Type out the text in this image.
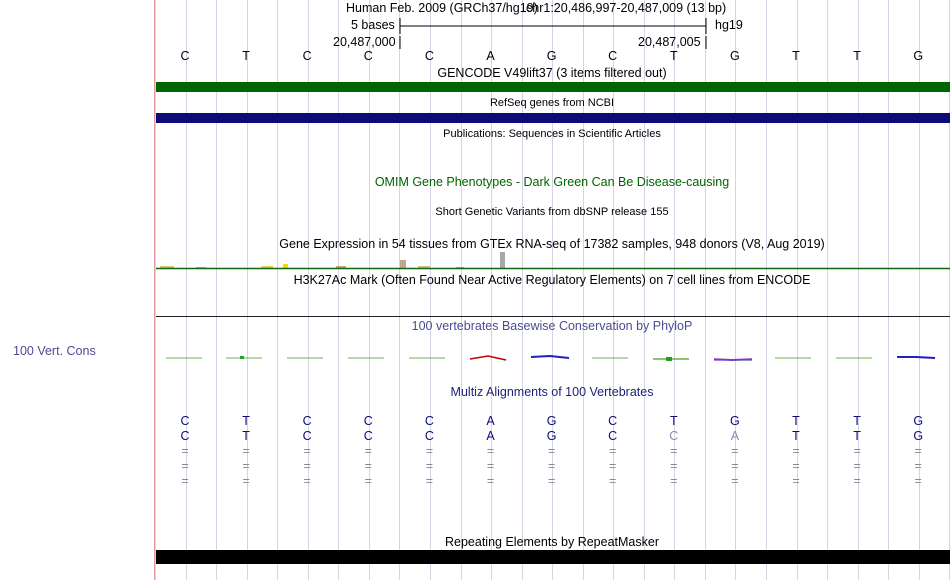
100 Vert. Cons
Human Feb. 2009 (GRCh37/hg19)
chr1:20,486,997-20,487,009 (13 bp)
5 bases	hg19
20,487,000	20,487,005
C	T	C	C	C	A	G	C	T	G	T	T	G
GENCODE V49lift37 (3 items filtered out)
RefSeq genes from NCBI
Publications: Sequences in Scientific Articles
OMIM Gene Phenotypes - Dark Green Can Be Disease-causing
Short Genetic Variants from dbSNP release 155
Gene Expression in 54 tissues from GTEx RNA-seq of 17382 samples, 948 donors (V8, Aug 2019)
H3K27Ac Mark (Often Found Near Active Regulatory Elements) on 7 cell lines from ENCODE
100 vertebrates Basewise Conservation by PhyloP
Multiz Alignments of 100 Vertebrates
C	T	C	C	C	A	G	C	T	G	T	T	G
C	T	C	C	C	A	G	C	C	A	T	T	G
=	=	=	=	=	=	=	=	=	=	=	=	=
=	=	=	=	=	=	=	=	=	=	=	=	=
=	=	=	=	=	=	=	=	=	=	=	=	=
Repeating Elements by RepeatMasker
